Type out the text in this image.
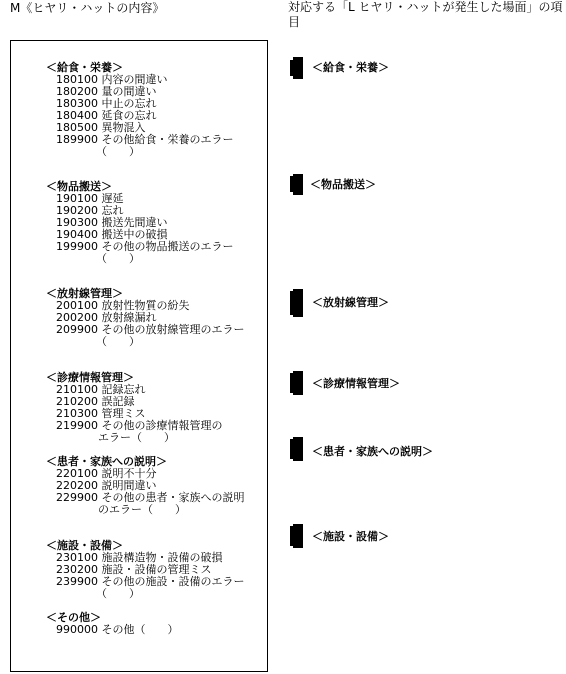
M《ヒヤリ・ハットの内容》	対応する「L ヒヤリ・ハットが発生した場面」の項目
＜給食・栄養＞
180100 内容の間違い
180200 量の間違い
180300 中止の忘れ
180400 延食の忘れ
180500 異物混入
189900 その他給食・栄養のエラー
（　　）
＜物品搬送＞
190100 遅延
190200 忘れ
190300 搬送先間違い
190400 搬送中の破損
199900 その他の物品搬送のエラー
（　　）
＜放射線管理＞
200100 放射性物質の紛失
200200 放射線漏れ
209900 その他の放射線管理のエラー
（　　）
＜診療情報管理＞
210100 記録忘れ
210200 誤記録
210300 管理ミス
219900 その他の診療情報管理の
エラー（　　）
＜患者・家族への説明＞
220100 説明不十分
220200 説明間違い
229900 その他の患者・家族への説明
のエラー（　　）
＜施設・設備＞
230100 施設構造物・設備の破損
230200 施設・設備の管理ミス
239900 その他の施設・設備のエラー
（　　）
＜その他＞
990000 その他（　　）
＜給食・栄養＞
＜物品搬送＞
＜放射線管理＞
＜診療情報管理＞
＜患者・家族への説明＞
＜施設・設備＞
